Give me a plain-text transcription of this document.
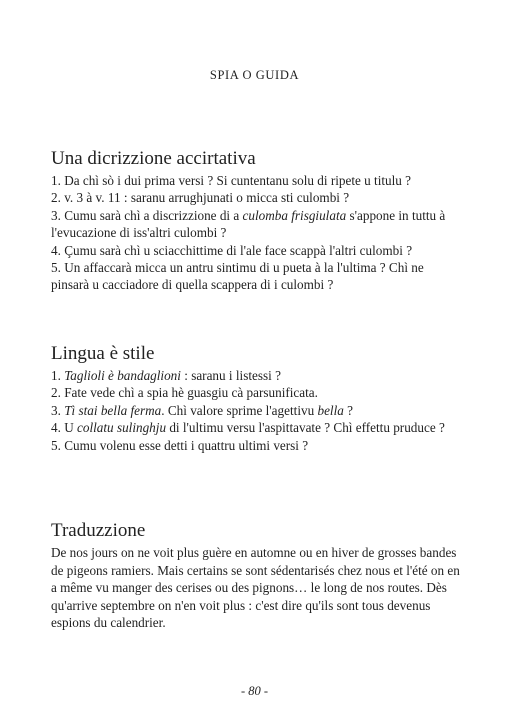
SPIA O GUIDA
Una dicrizzione accirtativa

1. Da chì sò i dui prima versi ? Si cuntentanu solu di ripete u titulu ?

2. v. 3 à v. 11 : saranu arrughjunati o micca sti culombi ?

3. Cumu sarà chì a discrizzione di a culomba frisgiulata s'appone in tuttu à l'evucazione di iss'altri culombi ?

4. Çumu sarà chì u sciacchittime di l'ale face scappà l'altri culombi ?

5. Un affaccarà micca un antru sintimu di u pueta à la l'ultima ? Chì ne pinsarà u cacciadore di quella scappera di i culombi ?

Lingua è stile

1. Taglioli è bandaglioni : saranu i listessi ?

2. Fate vede chì a spia hè guasgiu cà parsunificata.

3. Tì stai bella ferma. Chì valore sprime l'agettivu bella ?

4. U collatu sulinghju di l'ultimu versu l'aspittavate ? Chì effettu pruduce ?

5. Cumu volenu esse detti i quattru ultimi versi ?

Traduzzione

De nos jours on ne voit plus guère en automne ou en hiver de grosses bandes de pigeons ramiers. Mais certains se sont sédentarisés chez nous et l'été on en a même vu manger des cerises ou des pignons… le long de nos routes. Dès qu'arrive septembre on n'en voit plus : c'est dire qu'ils sont tous devenus espions du calendrier.

- 80 -
